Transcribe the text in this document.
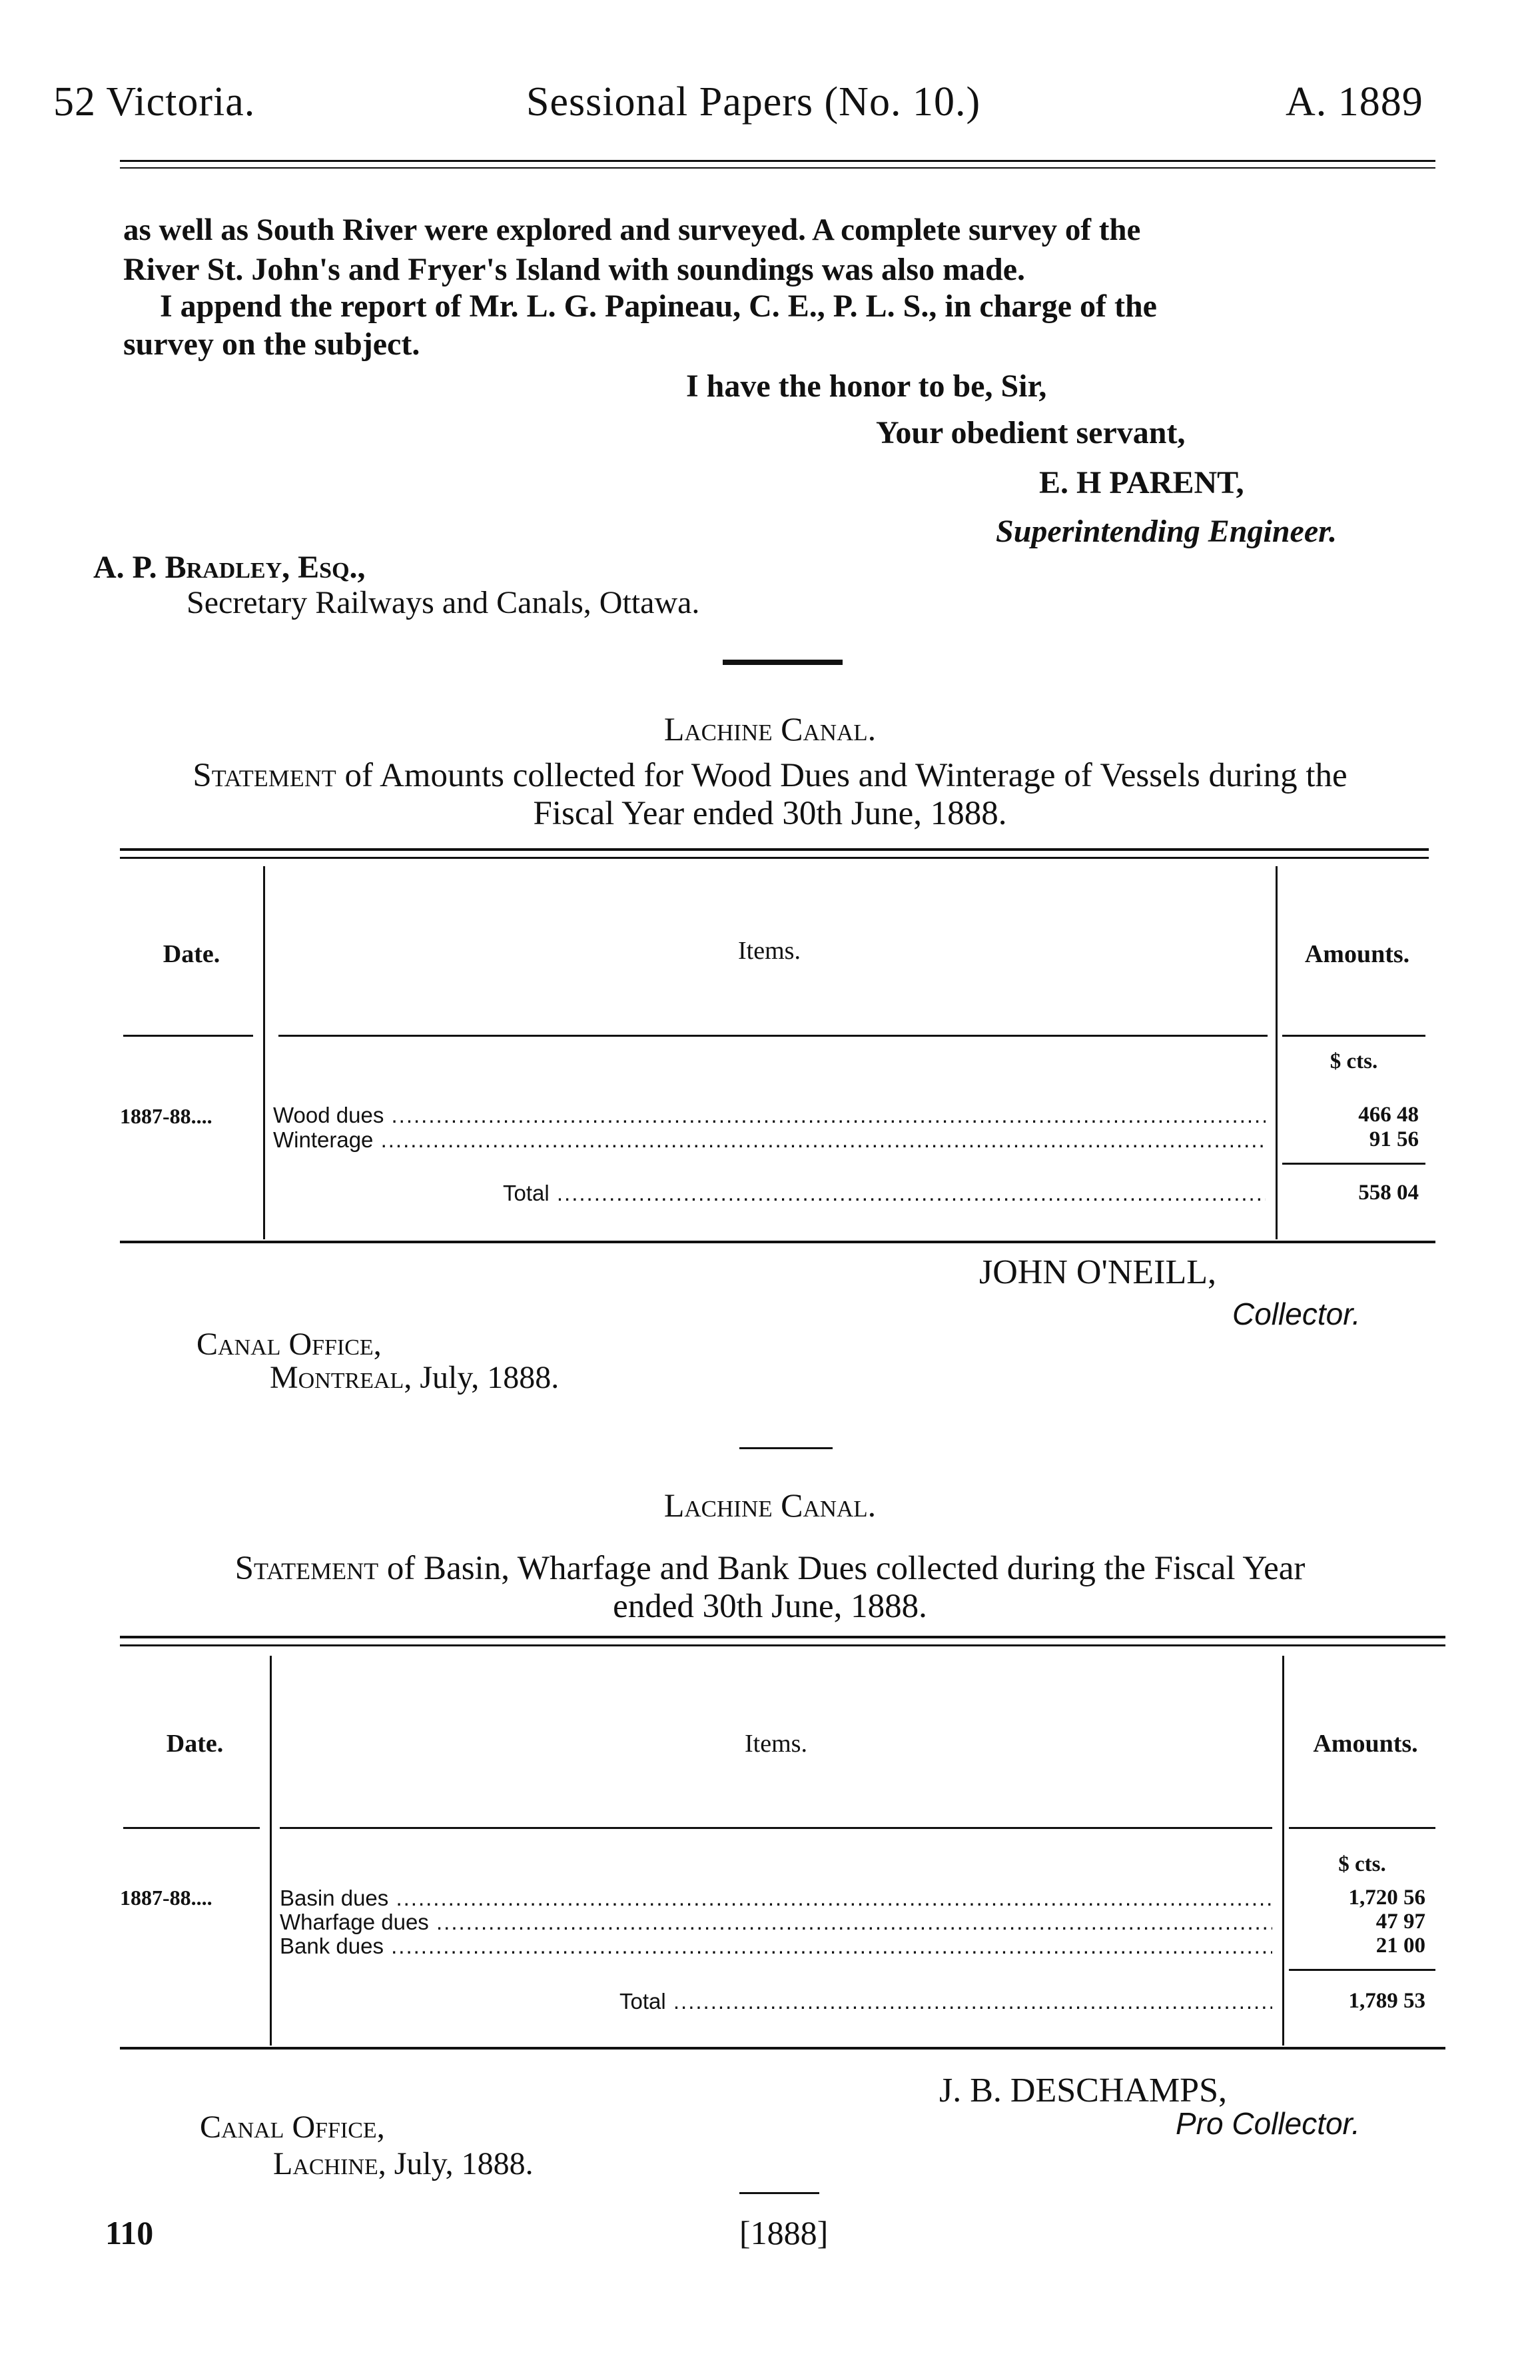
52 Victoria.	Sessional Papers (No. 10.)	A. 1889
as well as South River were explored and surveyed. A complete survey of the
River St. John's and Fryer's Island with soundings was also made.
I append the report of Mr. L. G. Papineau, C. E., P. L. S., in charge of the
survey on the subject.
I have the honor to be, Sir,
Your obedient servant,
E. H PARENT,
Superintending Engineer.
A. P. Bradley, Esq.,
Secretary Railways and Canals, Ottawa.
Lachine Canal.
Statement of Amounts collected for Wood Dues and Winterage of Vessels during the
Fiscal Year ended 30th June, 1888.
Date.	Items.	Amounts.
$ cts.
1887-88....	Wood dues .....	466 48
Winterage .....	91 56
Total .....	558 04
JOHN O'NEILL,
Collector.
Canal Office,
Montreal, July, 1888.
Lachine Canal.
Statement of Basin, Wharfage and Bank Dues collected during the Fiscal Year
ended 30th June, 1888.
Date.	Items.	Amounts.
$ cts.
1887-88....	Basin dues .....	1,720 56
Wharfage dues .....	47 97
Bank dues .....	21 00
Total .....	1,789 53
J. B. DESCHAMPS,
Pro Collector.
Canal Office,
Lachine, July, 1888.
110	[1888]
